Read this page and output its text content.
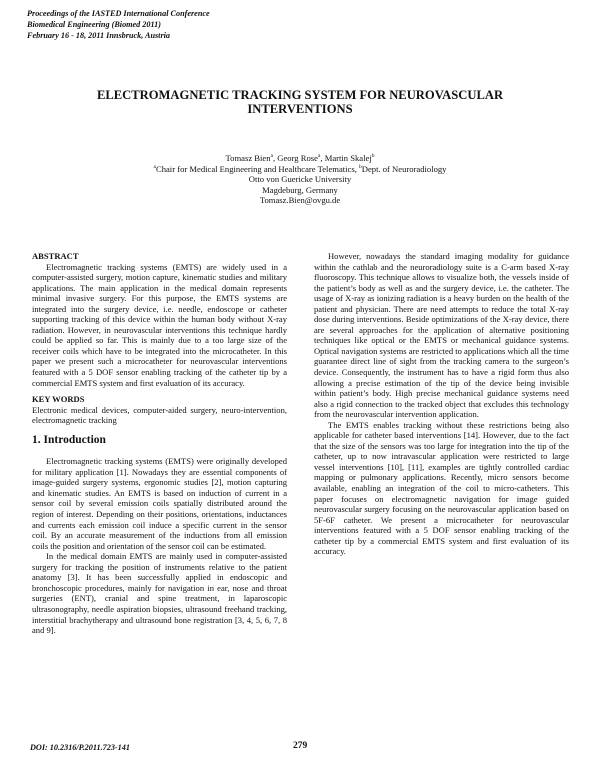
Proceedings of the IASTED International Conference
Biomedical Engineering (Biomed 2011)
February 16 - 18, 2011 Innsbruck, Austria
ELECTROMAGNETIC TRACKING SYSTEM FOR NEUROVASCULAR
INTERVENTIONS
Tomasz Bien$^a$, Georg Rose$^a$, Martin Skalej$^b$
$^a$Chair for Medical Engineering and Healthcare Telematics, $^b$Dept. of Neuroradiology
Otto von Guericke University
Magdeburg, Germany
Tomasz.Bien@ovgu.de
ABSTRACT

Electromagnetic tracking systems (EMTS) are widely used in a computer-assisted surgery, motion capture, kinematic studies and military applications. The main application in the medical domain represents minimal invasive surgery. For this purpose, the EMTS systems are integrated into the surgery device, i.e. needle, endoscope or catheter supporting tracking of this device within the human body without X-ray radiation. However, in neurovascular interventions this technique hardly could be applied so far. This is mainly due to a too large size of the receiver coils which have to be integrated into the microcatheter. In this paper we present such a microcatheter for neurovascular interventions featured with a 5 DOF sensor enabling tracking of the catheter tip by a commercial EMTS system and first evaluation of its accuracy.

KEY WORDS

Electronic medical devices, computer-aided surgery, neuro-intervention, electromagnetic tracking

1. Introduction

Electromagnetic tracking systems (EMTS) were originally developed for military application [1]. Nowadays they are essential components of image-guided surgery systems, ergonomic studies [2], motion capturing and kinematic studies. An EMTS is based on induction of current in a sensor coil by several emission coils spatially distributed around the region of interest. Depending on their positions, orientations, inductances and currents each emission coil induce a specific current in the sensor coil. By an accurate measurement of the inductions from all emission coils the position and orientation of the sensor coil can be estimated.

In the medical domain EMTS are mainly used in computer-assisted surgery for tracking the position of instruments relative to the patient anatomy [3]. It has been successfully applied in endoscopic and bronchoscopic procedures, mainly for navigation in ear, nose and throat surgeries (ENT), cranial and spine treatment, in laparoscopic ultrasonography, needle aspiration biopsies, ultrasound freehand tracking, interstitial brachytherapy and ultrasound bone registration [3, 4, 5, 6, 7, 8 and 9].

However, nowadays the standard imaging modality for guidance within the cathlab and the neuroradiology suite is a C-arm based X-ray fluoroscopy. This technique allows to visualize both, the vessels inside of the patient’s body as well as and the surgery device, i.e. the catheter. The usage of X-ray as ionizing radiation is a heavy burden on the health of the patient and physician. There are need attempts to reduce the total X-ray dose during interventions. Beside optimizations of the X-ray device, there are several approaches for the application of alternative positioning techniques like optical or the EMTS or mechanical guidance systems. Optical navigation systems are restricted to applications which all the time guarantee direct line of sight from the tracking camera to the surgeon’s device. Consequently, the instrument has to have a rigid form thus also allowing a precise estimation of the tip of the device being invisible within patient’s body. High precise mechanical guidance systems need also a rigid connection to the tracked object that excludes this technology from the neurovascular intervention application.

The EMTS enables tracking without these restrictions being also applicable for catheter based interventions [14]. However, due to the fact that the size of the sensors was too large for integration into the tip of the catheter, up to now intravascular application were restricted to large vessel interventions [10], [11], examples are tightly controlled cardiac mapping or pulmonary applications. Recently, micro sensors become available, enabling an integration of the coil to micro-catheters. This paper focuses on electromagnetic navigation for image guided neurovascular surgery focusing on the neurovascular application based on 5F-6F catheter. We present a microcatheter for neurovascular interventions featured with a 5 DOF sensor enabling tracking of the catheter tip by a commercial EMTS system and first evaluation of its accuracy.

DOI: 10.2316/P.2011.723-141	279
